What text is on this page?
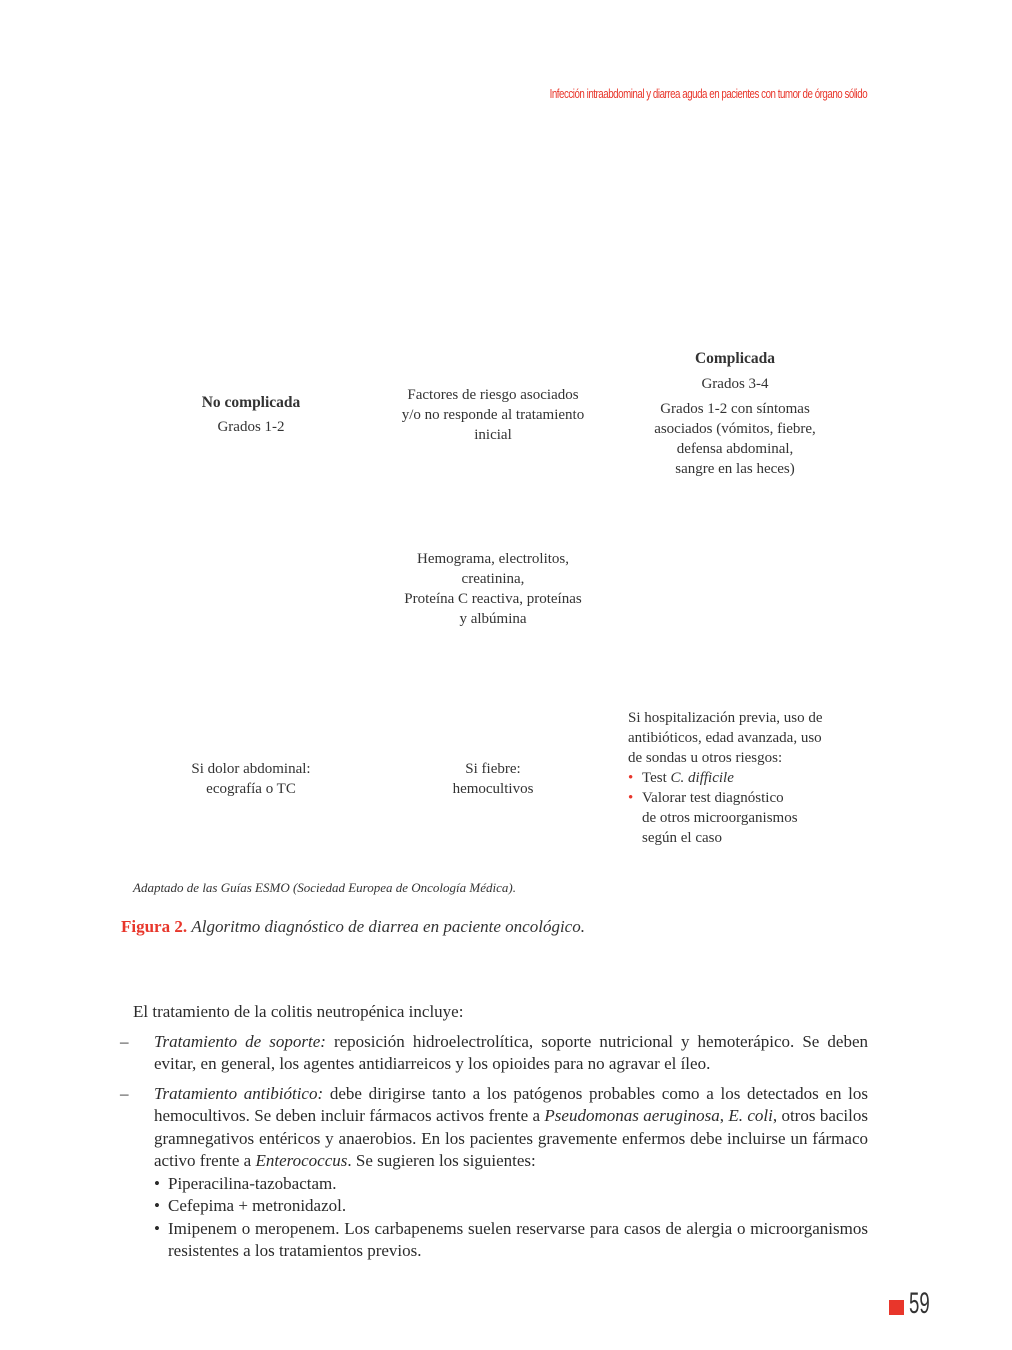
Infección intraabdominal y diarrea aguda en pacientes con tumor de órgano sólido
No complicada
Grados 1-2
Factores de riesgo asociados
y/o no responde al tratamiento
inicial
Complicada
Grados 3-4
Grados 1-2 con síntomas
asociados (vómitos, fiebre,
defensa abdominal,
sangre en las heces)
Hemograma, electrolitos,
creatinina,
Proteína C reactiva, proteínas
y albúmina
Si dolor abdominal:
ecografía o TC
Si fiebre:
hemocultivos
Si hospitalización previa, uso de
antibióticos, edad avanzada, uso
de sondas u otros riesgos:
• Test C. difficile
• Valorar test diagnóstico
de otros microorganismos
según el caso
Adaptado de las Guías ESMO (Sociedad Europea de Oncología Médica).
Figura 2. Algoritmo diagnóstico de diarrea en paciente oncológico.

El tratamiento de la colitis neutropénica incluye:

– Tratamiento de soporte: reposición hidroelectrolítica, soporte nutricional y hemoterápico. Se deben evitar, en general, los agentes antidiarreicos y los opioides para no agravar el íleo.
– Tratamiento antibiótico: debe dirigirse tanto a los patógenos probables como a los detectados en los hemocultivos. Se deben incluir fármacos activos frente a Pseudomonas aeruginosa, E. coli, otros bacilos gramnegativos entéricos y anaerobios. En los pacientes gravemente enfermos debe incluirse un fármaco activo frente a Enterococcus. Se sugieren los siguientes:
• Piperacilina-tazobactam.
• Cefepima + metronidazol.
• Imipenem o meropenem. Los carbapenems suelen reservarse para casos de alergia o microorganismos resistentes a los tratamientos previos.
59
